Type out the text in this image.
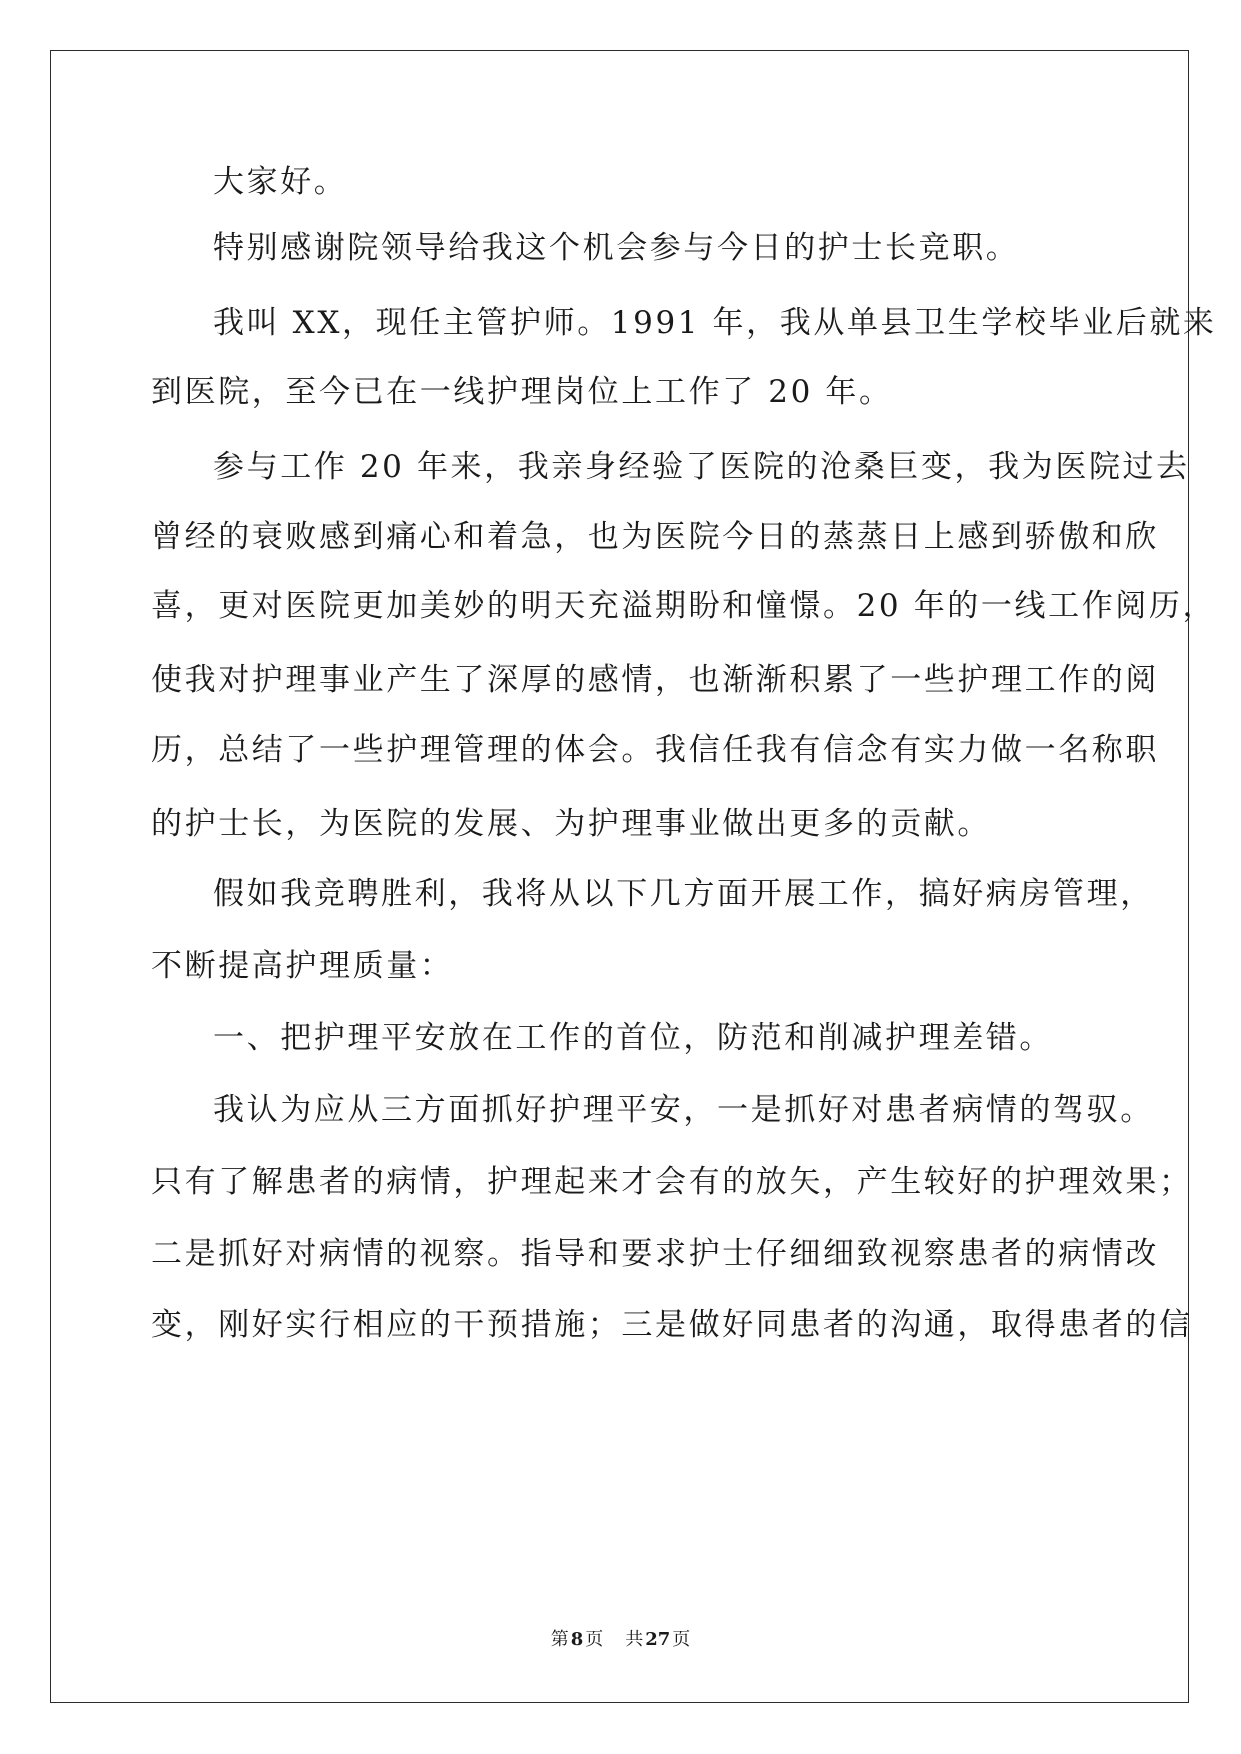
大家好。
特别感谢院领导给我这个机会参与今日的护士长竞职。
我叫 XX，现任主管护师。1991 年，我从单县卫生学校毕业后就来
到医院，至今已在一线护理岗位上工作了 20 年。
参与工作 20 年来，我亲身经验了医院的沧桑巨变，我为医院过去
曾经的衰败感到痛心和着急，也为医院今日的蒸蒸日上感到骄傲和欣
喜，更对医院更加美妙的明天充溢期盼和憧憬。20 年的一线工作阅历，
使我对护理事业产生了深厚的感情，也渐渐积累了一些护理工作的阅
历，总结了一些护理管理的体会。我信任我有信念有实力做一名称职
的护士长，为医院的发展、为护理事业做出更多的贡献。
假如我竞聘胜利，我将从以下几方面开展工作，搞好病房管理，
不断提高护理质量：
一、把护理平安放在工作的首位，防范和削减护理差错。
我认为应从三方面抓好护理平安，一是抓好对患者病情的驾驭。
只有了解患者的病情，护理起来才会有的放矢，产生较好的护理效果；
二是抓好对病情的视察。指导和要求护士仔细细致视察患者的病情改
变，刚好实行相应的干预措施；三是做好同患者的沟通，取得患者的信
第 8 页 共 27 页
